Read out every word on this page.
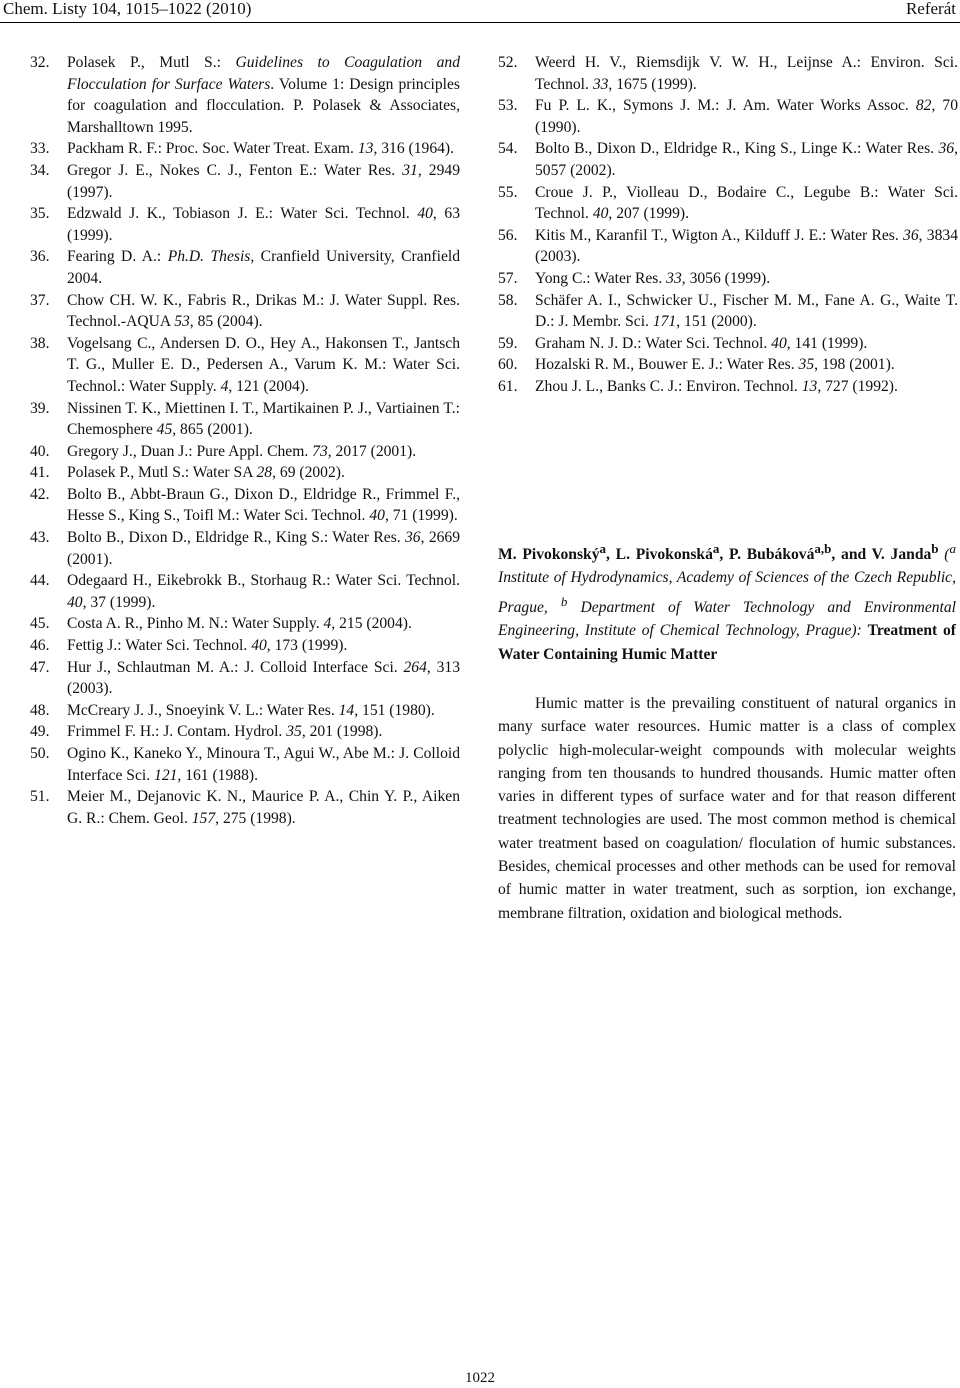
Chem. Listy 104, 1015–1022 (2010)	Referát
32. Polasek P., Mutl S.: Guidelines to Coagulation and Flocculation for Surface Waters. Volume 1: Design principles for coagulation and flocculation. P. Polasek & Associates, Marshalltown 1995.
33. Packham R. F.: Proc. Soc. Water Treat. Exam. 13, 316 (1964).
34. Gregor J. E., Nokes C. J., Fenton E.: Water Res. 31, 2949 (1997).
35. Edzwald J. K., Tobiason J. E.: Water Sci. Technol. 40, 63 (1999).
36. Fearing D. A.: Ph.D. Thesis, Cranfield University, Cranfield 2004.
37. Chow CH. W. K., Fabris R., Drikas M.: J. Water Suppl. Res. Technol.-AQUA 53, 85 (2004).
38. Vogelsang C., Andersen D. O., Hey A., Hakonsen T., Jantsch T. G., Muller E. D., Pedersen A., Varum K. M.: Water Sci. Technol.: Water Supply. 4, 121 (2004).
39. Nissinen T. K., Miettinen I. T., Martikainen P. J., Vartiainen T.: Chemosphere 45, 865 (2001).
40. Gregory J., Duan J.: Pure Appl. Chem. 73, 2017 (2001).
41. Polasek P., Mutl S.: Water SA 28, 69 (2002).
42. Bolto B., Abbt-Braun G., Dixon D., Eldridge R., Frimmel F., Hesse S., King S., Toifl M.: Water Sci. Technol. 40, 71 (1999).
43. Bolto B., Dixon D., Eldridge R., King S.: Water Res. 36, 2669 (2001).
44. Odegaard H., Eikebrokk B., Storhaug R.: Water Sci. Technol. 40, 37 (1999).
45. Costa A. R., Pinho M. N.: Water Supply. 4, 215 (2004).
46. Fettig J.: Water Sci. Technol. 40, 173 (1999).
47. Hur J., Schlautman M. A.: J. Colloid Interface Sci. 264, 313 (2003).
48. McCreary J. J., Snoeyink V. L.: Water Res. 14, 151 (1980).
49. Frimmel F. H.: J. Contam. Hydrol. 35, 201 (1998).
50. Ogino K., Kaneko Y., Minoura T., Agui W., Abe M.: J. Colloid Interface Sci. 121, 161 (1988).
51. Meier M., Dejanovic K. N., Maurice P. A., Chin Y. P., Aiken G. R.: Chem. Geol. 157, 275 (1998).
52. Weerd H. V., Riemsdijk V. W. H., Leijnse A.: Environ. Sci. Technol. 33, 1675 (1999).
53. Fu P. L. K., Symons J. M.: J. Am. Water Works Assoc. 82, 70 (1990).
54. Bolto B., Dixon D., Eldridge R., King S., Linge K.: Water Res. 36, 5057 (2002).
55. Croue J. P., Violleau D., Bodaire C., Legube B.: Water Sci. Technol. 40, 207 (1999).
56. Kitis M., Karanfil T., Wigton A., Kilduff J. E.: Water Res. 36, 3834 (2003).
57. Yong C.: Water Res. 33, 3056 (1999).
58. Schäfer A. I., Schwicker U., Fischer M. M., Fane A. G., Waite T. D.: J. Membr. Sci. 171, 151 (2000).
59. Graham N. J. D.: Water Sci. Technol. 40, 141 (1999).
60. Hozalski R. M., Bouwer E. J.: Water Res. 35, 198 (2001).
61. Zhou J. L., Banks C. J.: Environ. Technol. 13, 727 (1992).
M. Pivokonský$^a$, L. Pivokonská$^a$, P. Bubáková$^{a,b}$, and V. Janda$^b$ ($^a$ Institute of Hydrodynamics, Academy of Sciences of the Czech Republic, Prague, $^b$ Department of Water Technology and Environmental Engineering, Institute of Chemical Technology, Prague): Treatment of Water Containing Humic Matter

Humic matter is the prevailing constituent of natural organics in many surface water resources. Humic matter is a class of complex polyclic high-molecular-weight compounds with molecular weights ranging from ten thousands to hundred thousands. Humic matter often varies in different types of surface water and for that reason different treatment technologies are used. The most common method is chemical water treatment based on coagulation/ floculation of humic substances. Besides, chemical processes and other methods can be used for removal of humic matter in water treatment, such as sorption, ion exchange, membrane filtration, oxidation and biological methods.

1022
